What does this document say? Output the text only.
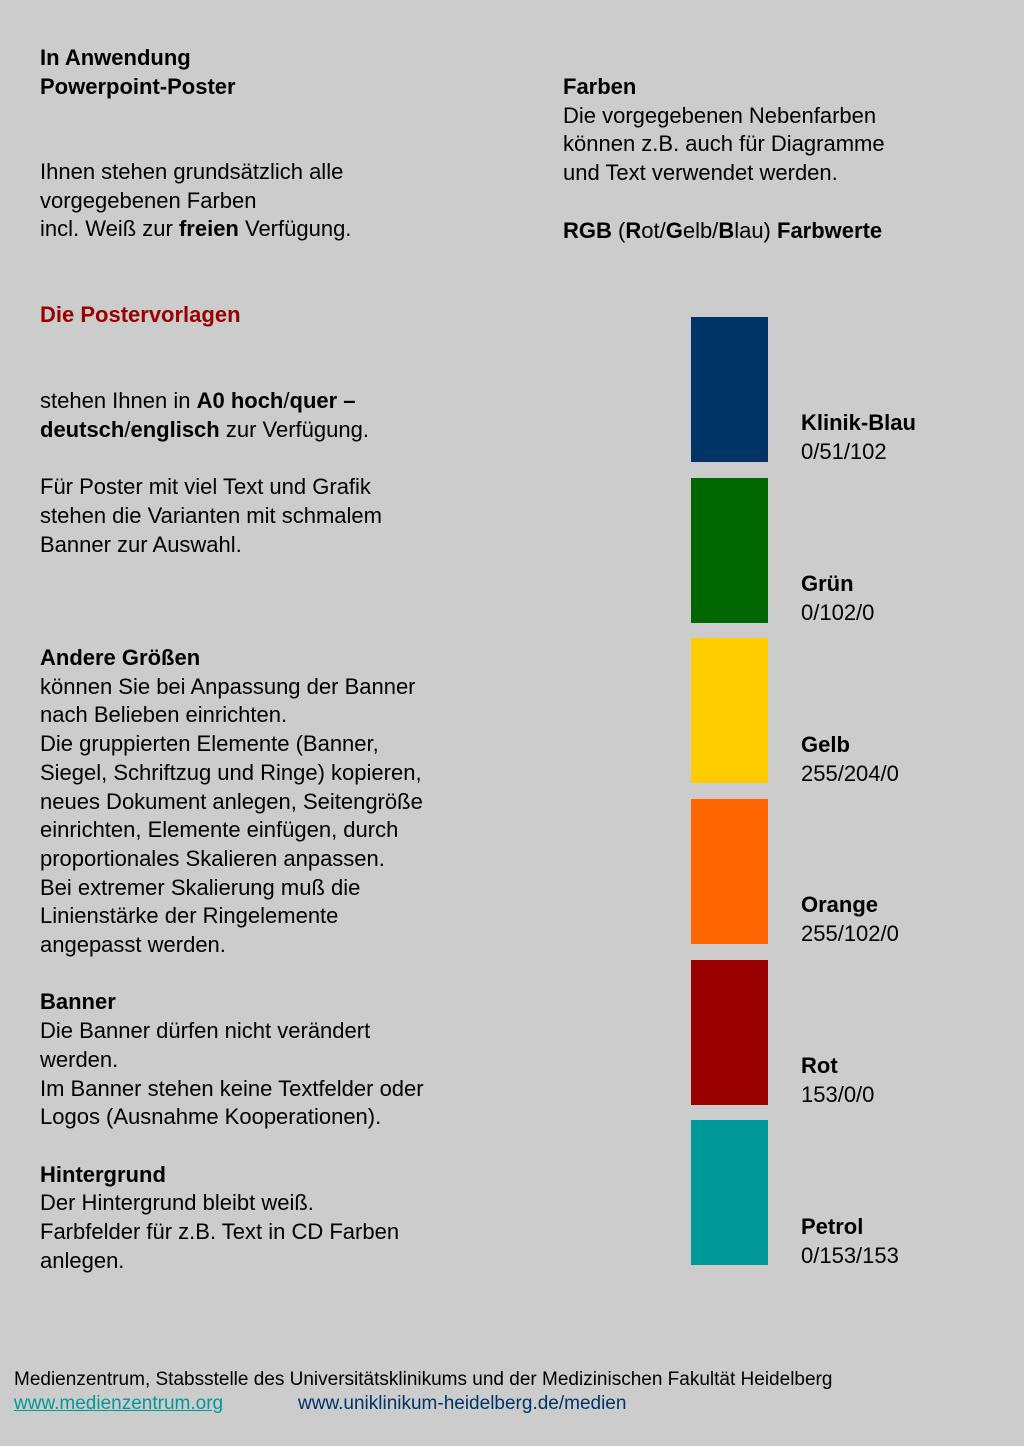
In Anwendung
Powerpoint-Poster
Ihnen stehen grundsätzlich alle
vorgegebenen Farben
incl. Weiß zur freien Verfügung.
Farben
Die vorgegebenen Nebenfarben
können z.B. auch für Diagramme
und Text verwendet werden.

RGB (Rot/Gelb/Blau) Farbwerte
Die Postervorlagen
stehen Ihnen in A0 hoch/quer –
deutsch/englisch zur Verfügung.

Für Poster mit viel Text und Grafik
stehen die Varianten mit schmalem
Banner zur Auswahl.
Andere Größen
können Sie bei Anpassung der Banner
nach Belieben einrichten.
Die gruppierten Elemente (Banner,
Siegel, Schriftzug und Ringe) kopieren,
neues Dokument anlegen, Seitengröße
einrichten, Elemente einfügen, durch
proportionales Skalieren anpassen.
Bei extremer Skalierung muß die
Linienstärke der Ringelemente
angepasst werden.

Banner
Die Banner dürfen nicht verändert
werden.
Im Banner stehen keine Textfelder oder
Logos (Ausnahme Kooperationen).

Hintergrund
Der Hintergrund bleibt weiß.
Farbfelder für z.B. Text in CD Farben
anlegen.
Klinik-Blau
0/51/102
Grün
0/102/0
Gelb
255/204/0
Orange
255/102/0
Rot
153/0/0
Petrol
0/153/153
Medienzentrum, Stabsstelle des Universitätsklinikums und der Medizinischen Fakultät Heidelberg
www.medienzentrum.org	www.uniklinikum-heidelberg.de/medien
